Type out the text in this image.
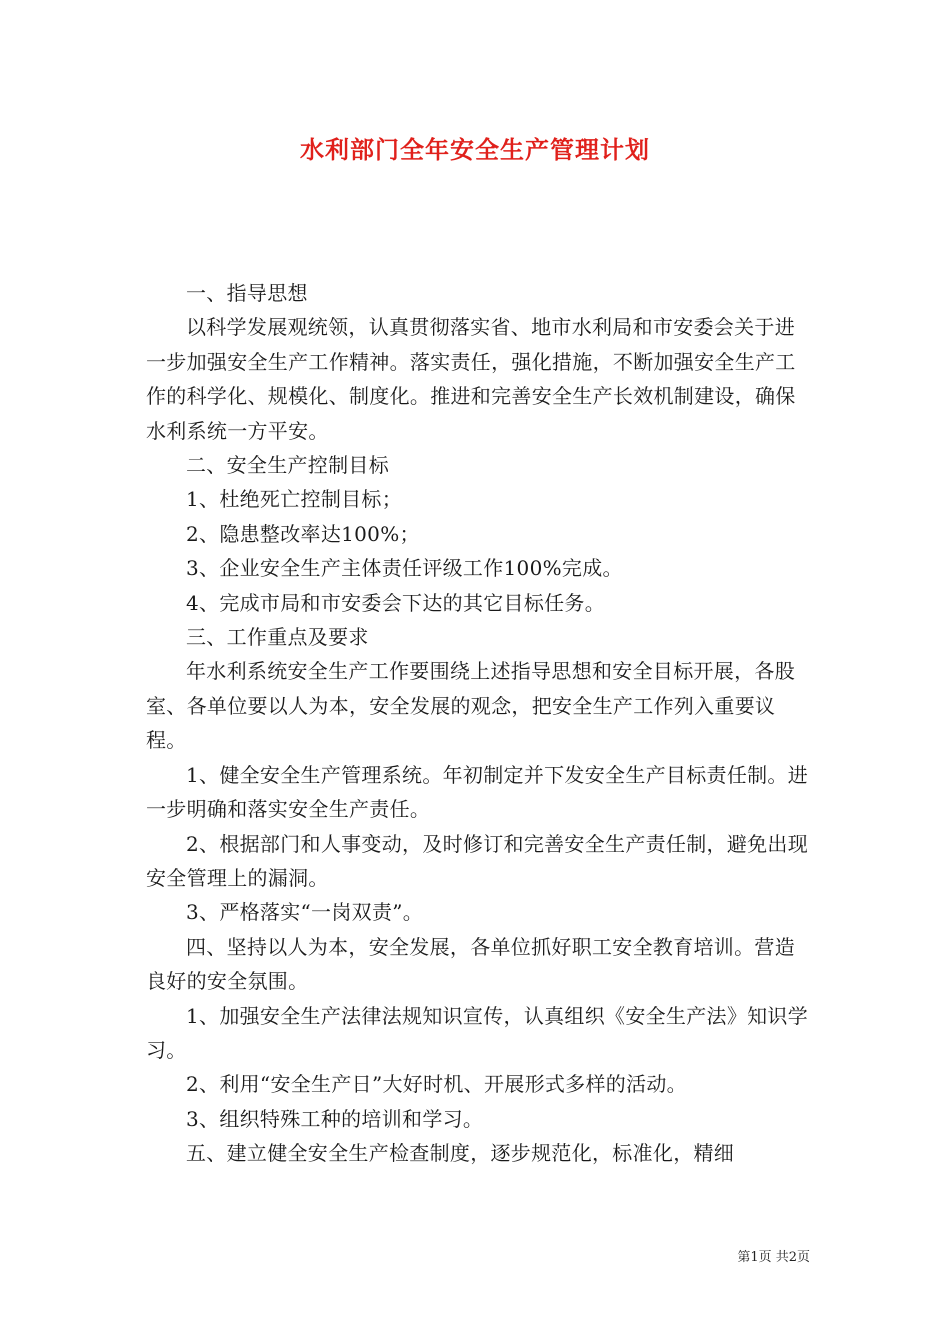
水利部门全年安全生产管理计划

一、指导思想

以科学发展观统领，认真贯彻落实省、地市水利局和市安委会关于进一步加强安全生产工作精神。落实责任，强化措施，不断加强安全生产工作的科学化、规模化、制度化。推进和完善安全生产长效机制建设，确保水利系统一方平安。

二、安全生产控制目标

1、杜绝死亡控制目标；

2、隐患整改率达100%；

3、企业安全生产主体责任评级工作100%完成。

4、完成市局和市安委会下达的其它目标任务。

三、工作重点及要求

年水利系统安全生产工作要围绕上述指导思想和安全目标开展，各股室、各单位要以人为本，安全发展的观念，把安全生产工作列入重要议程。

1、健全安全生产管理系统。年初制定并下发安全生产目标责任制。进一步明确和落实安全生产责任。

2、根据部门和人事变动，及时修订和完善安全生产责任制，避免出现安全管理上的漏洞。

3、严格落实“一岗双责”。

四、坚持以人为本，安全发展，各单位抓好职工安全教育培训。营造良好的安全氛围。

1、加强安全生产法律法规知识宣传，认真组织《安全生产法》知识学习。

2、利用“安全生产日”大好时机、开展形式多样的活动。

3、组织特殊工种的培训和学习。

五、建立健全安全生产检查制度，逐步规范化，标准化，精细

第1页 共2页
